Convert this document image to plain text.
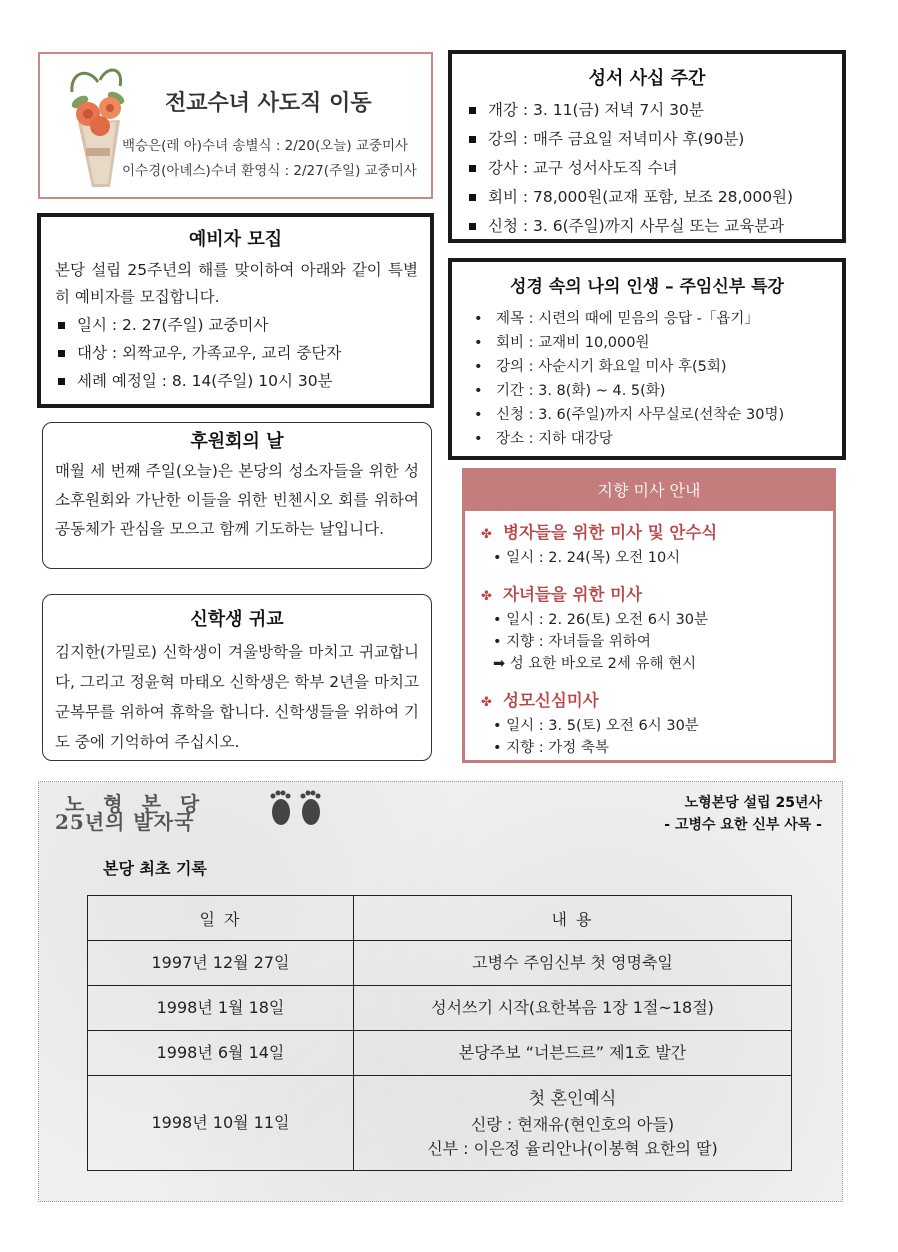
전교수녀 사도직 이동
백승은(레 아)수녀 송별식 : 2/20(오늘) 교중미사
이수경(아녜스)수녀 환영식 : 2/27(주일) 교중미사
예비자 모집
본당 설립 25주년의 해를 맞이하여 아래와 같이 특별히 예비자를 모집합니다.
일시 : 2. 27(주일) 교중미사
대상 : 외짝교우, 가족교우, 교리 중단자
세례 예정일 : 8. 14(주일) 10시 30분
후원회의 날
매월 세 번째 주일(오늘)은 본당의 성소자들을 위한 성소후원회와 가난한 이들을 위한 빈첸시오 회를 위하여 공동체가 관심을 모으고 함께 기도하는 날입니다.
신학생 귀교
김지한(가밀로) 신학생이 겨울방학을 마치고 귀교합니다, 그리고 정윤혁 마태오 신학생은 학부 2년을 마치고 군복무를 위하여 휴학을 합니다. 신학생들을 위하여 기도 중에 기억하여 주십시오.
성서 사십 주간
개강 : 3. 11(금) 저녁 7시 30분
강의 : 매주 금요일 저녁미사 후(90분)
강사 : 교구 성서사도직 수녀
회비 : 78,000원(교재 포함, 보조 28,000원)
신청 : 3. 6(주일)까지 사무실 또는 교육분과
성경 속의 나의 인생 – 주임신부 특강
• 제목 : 시련의 때에 믿음의 응답 -「욥기」
• 회비 : 교재비 10,000원
• 강의 : 사순시기 화요일 미사 후(5회)
• 기간 : 3. 8(화) ~ 4. 5(화)
• 신청 : 3. 6(주일)까지 사무실로(선착순 30명)
• 장소 : 지하 대강당
지향 미사 안내
✤ 병자들을 위한 미사 및 안수식
• 일시 : 2. 24(목) 오전 10시
✤ 자녀들을 위한 미사
• 일시 : 2. 26(토) 오전 6시 30분
• 지향 : 자녀들을 위하여
➡ 성 요한 바오로 2세 유해 현시
✤ 성모신심미사
• 일시 : 3. 5(토) 오전 6시 30분
• 지향 : 가정 축복
노 형 본 당
25년의 발자국
노형본당 설립 25년사
- 고병수 요한 신부 사목 -
본당 최초 기록
일 자	내 용
1997년 12월 27일	고병수 주임신부 첫 영명축일
1998년 1월 18일	성서쓰기 시작(요한복음 1장 1절~18절)
1998년 6월 14일	본당주보 “너븐드르” 제1호 발간
1998년 10월 11일	첫 혼인예식
신랑 : 현재유(현인호의 아들)
신부 : 이은정 율리안나(이봉혁 요한의 딸)
